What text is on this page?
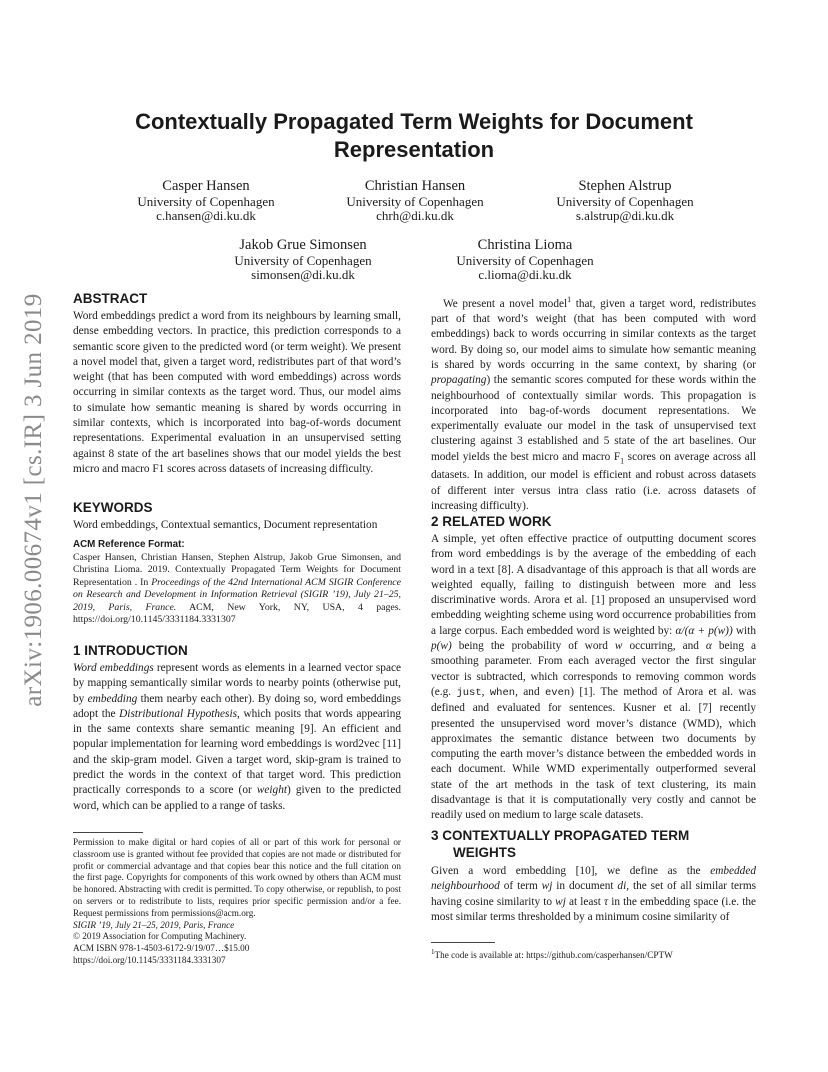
arXiv:1906.00674v1 [cs.IR] 3 Jun 2019
Contextually Propagated Term Weights for Document Representation
Casper Hansen
University of Copenhagen
c.hansen@di.ku.dk
Christian Hansen
University of Copenhagen
chrh@di.ku.dk
Stephen Alstrup
University of Copenhagen
s.alstrup@di.ku.dk
Jakob Grue Simonsen
University of Copenhagen
simonsen@di.ku.dk
Christina Lioma
University of Copenhagen
c.lioma@di.ku.dk
ABSTRACT

Word embeddings predict a word from its neighbours by learning small, dense embedding vectors. In practice, this prediction corresponds to a semantic score given to the predicted word (or term weight). We present a novel model that, given a target word, redistributes part of that word’s weight (that has been computed with word embeddings) across words occurring in similar contexts as the target word. Thus, our model aims to simulate how semantic meaning is shared by words occurring in similar contexts, which is incorporated into bag-of-words document representations. Experimental evaluation in an unsupervised setting against 8 state of the art baselines shows that our model yields the best micro and macro F1 scores across datasets of increasing difficulty.

KEYWORDS

Word embeddings, Contextual semantics, Document representation

ACM Reference Format:
Casper Hansen, Christian Hansen, Stephen Alstrup, Jakob Grue Simonsen, and Christina Lioma. 2019. Contextually Propagated Term Weights for Document Representation . In Proceedings of the 42nd International ACM SIGIR Conference on Research and Development in Information Retrieval (SIGIR ’19), July 21–25, 2019, Paris, France. ACM, New York, NY, USA, 4 pages. https://doi.org/10.1145/3331184.3331307
1 INTRODUCTION

Word embeddings represent words as elements in a learned vector space by mapping semantically similar words to nearby points (otherwise put, by embedding them nearby each other). By doing so, word embeddings adopt the Distributional Hypothesis, which posits that words appearing in the same contexts share semantic meaning [9]. An efficient and popular implementation for learning word embeddings is word2vec [11] and the skip-gram model. Given a target word, skip-gram is trained to predict the words in the context of that target word. This prediction practically corresponds to a score (or weight) given to the predicted word, which can be applied to a range of tasks.

Permission to make digital or hard copies of all or part of this work for personal or classroom use is granted without fee provided that copies are not made or distributed for profit or commercial advantage and that copies bear this notice and the full citation on the first page. Copyrights for components of this work owned by others than ACM must be honored. Abstracting with credit is permitted. To copy otherwise, or republish, to post on servers or to redistribute to lists, requires prior specific permission and/or a fee. Request permissions from permissions@acm.org.
SIGIR ’19, July 21–25, 2019, Paris, France
© 2019 Association for Computing Machinery.
ACM ISBN 978-1-4503-6172-9/19/07…$15.00
https://doi.org/10.1145/3331184.3331307

We present a novel model$^1$ that, given a target word, redistributes part of that word’s weight (that has been computed with word embeddings) back to words occurring in similar contexts as the target word. By doing so, our model aims to simulate how semantic meaning is shared by words occurring in the same context, by sharing (or propagating) the semantic scores computed for these words within the neighbourhood of contextually similar words. This propagation is incorporated into bag-of-words document representations. We experimentally evaluate our model in the task of unsupervised text clustering against 3 established and 5 state of the art baselines. Our model yields the best micro and macro $F_1$ scores on average across all datasets. In addition, our model is efficient and robust across datasets of different inter versus intra class ratio (i.e. across datasets of increasing difficulty).

2 RELATED WORK

A simple, yet often effective practice of outputting document scores from word embeddings is by the average of the embedding of each word in a text [8]. A disadvantage of this approach is that all words are weighted equally, failing to distinguish between more and less discriminative words. Arora et al. [1] proposed an unsupervised word embedding weighting scheme using word occurrence probabilities from a large corpus. Each embedded word is weighted by: α/(α + p(w)) with p(w) being the probability of word w occurring, and α being a smoothing parameter. From each averaged vector the first singular vector is subtracted, which corresponds to removing common words (e.g. just, when, and even) [1]. The method of Arora et al. was defined and evaluated for sentences. Kusner et al. [7] recently presented the unsupervised word mover’s distance (WMD), which approximates the semantic distance between two documents by computing the earth mover’s distance between the embedded words in each document. While WMD experimentally outperformed several state of the art methods in the task of text clustering, its main disadvantage is that it is computationally very costly and cannot be readily used on medium to large scale datasets.

3 CONTEXTUALLY PROPAGATED TERM
WEIGHTS

Given a word embedding [10], we define as the embedded neighbourhood of term wj in document di, the set of all similar terms having cosine similarity to wj at least τ in the embedding space (i.e. the most similar terms thresholded by a minimum cosine similarity of

$^1$The code is available at: https://github.com/casperhansen/CPTW
